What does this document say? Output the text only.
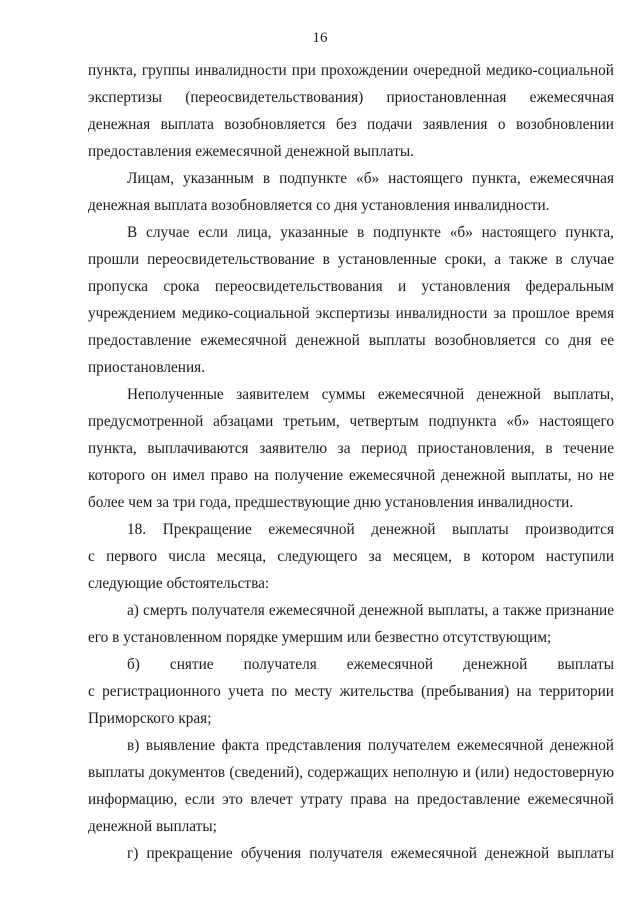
16
пункта, группы инвалидности при прохождении очередной медико-социальной
экспертизы (переосвидетельствования) приостановленная ежемесячная
денежная выплата возобновляется без подачи заявления о возобновлении
предоставления ежемесячной денежной выплаты.
Лицам, указанным в подпункте «б» настоящего пункта, ежемесячная
денежная выплата возобновляется со дня установления инвалидности.
В случае если лица, указанные в подпункте «б» настоящего пункта,
прошли переосвидетельствование в установленные сроки, а также в случае
пропуска срока переосвидетельствования и установления федеральным
учреждением медико-социальной экспертизы инвалидности за прошлое время
предоставление ежемесячной денежной выплаты возобновляется со дня ее
приостановления.
Неполученные заявителем суммы ежемесячной денежной выплаты,
предусмотренной абзацами третьим, четвертым подпункта «б» настоящего
пункта, выплачиваются заявителю за период приостановления, в течение
которого он имел право на получение ежемесячной денежной выплаты, но не
более чем за три года, предшествующие дню установления инвалидности.
18. Прекращение ежемесячной денежной выплаты производится
с первого числа месяца, следующего за месяцем, в котором наступили
следующие обстоятельства:
а) смерть получателя ежемесячной денежной выплаты, а также признание
его в установленном порядке умершим или безвестно отсутствующим;
б) снятие получателя ежемесячной денежной выплаты
с регистрационного учета по месту жительства (пребывания) на территории
Приморского края;
в) выявление факта представления получателем ежемесячной денежной
выплаты документов (сведений), содержащих неполную и (или) недостоверную
информацию, если это влечет утрату права на предоставление ежемесячной
денежной выплаты;
г) прекращение обучения получателя ежемесячной денежной выплаты
